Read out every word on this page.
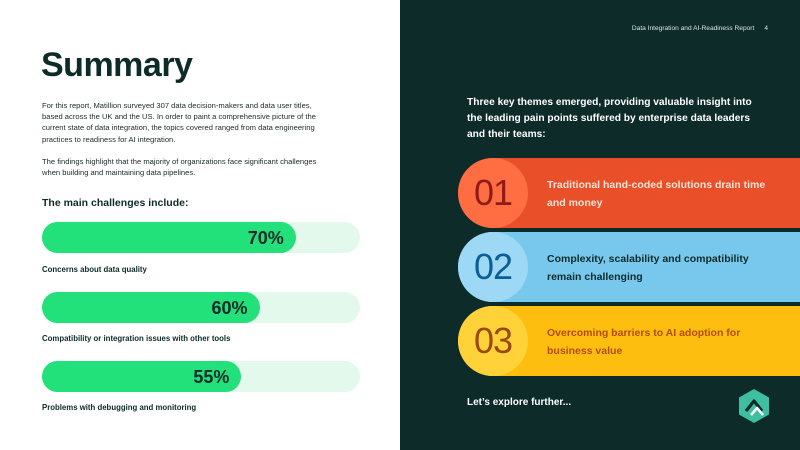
Summary

For this report, Matillion surveyed 307 data decision-makers and data user titles, based across the UK and the US. In order to paint a comprehensive picture of the current state of data integration, the topics covered ranged from data engineering practices to readiness for AI integration.

The findings highlight that the majority of organizations face significant challenges when building and maintaining data pipelines.

The main challenges include:
70%
Concerns about data quality
60%
Compatibility or integration issues with other tools
55%
Problems with debugging and monitoring
Data Integration and AI-Readiness Report 4

Three key themes emerged, providing valuable insight into the leading pain points suffered by enterprise data leaders and their teams:

01	Traditional hand-coded solutions drain time and money
02	Complexity, scalability and compatibility remain challenging
03	Overcoming barriers to AI adoption for business value
Let’s explore further...
